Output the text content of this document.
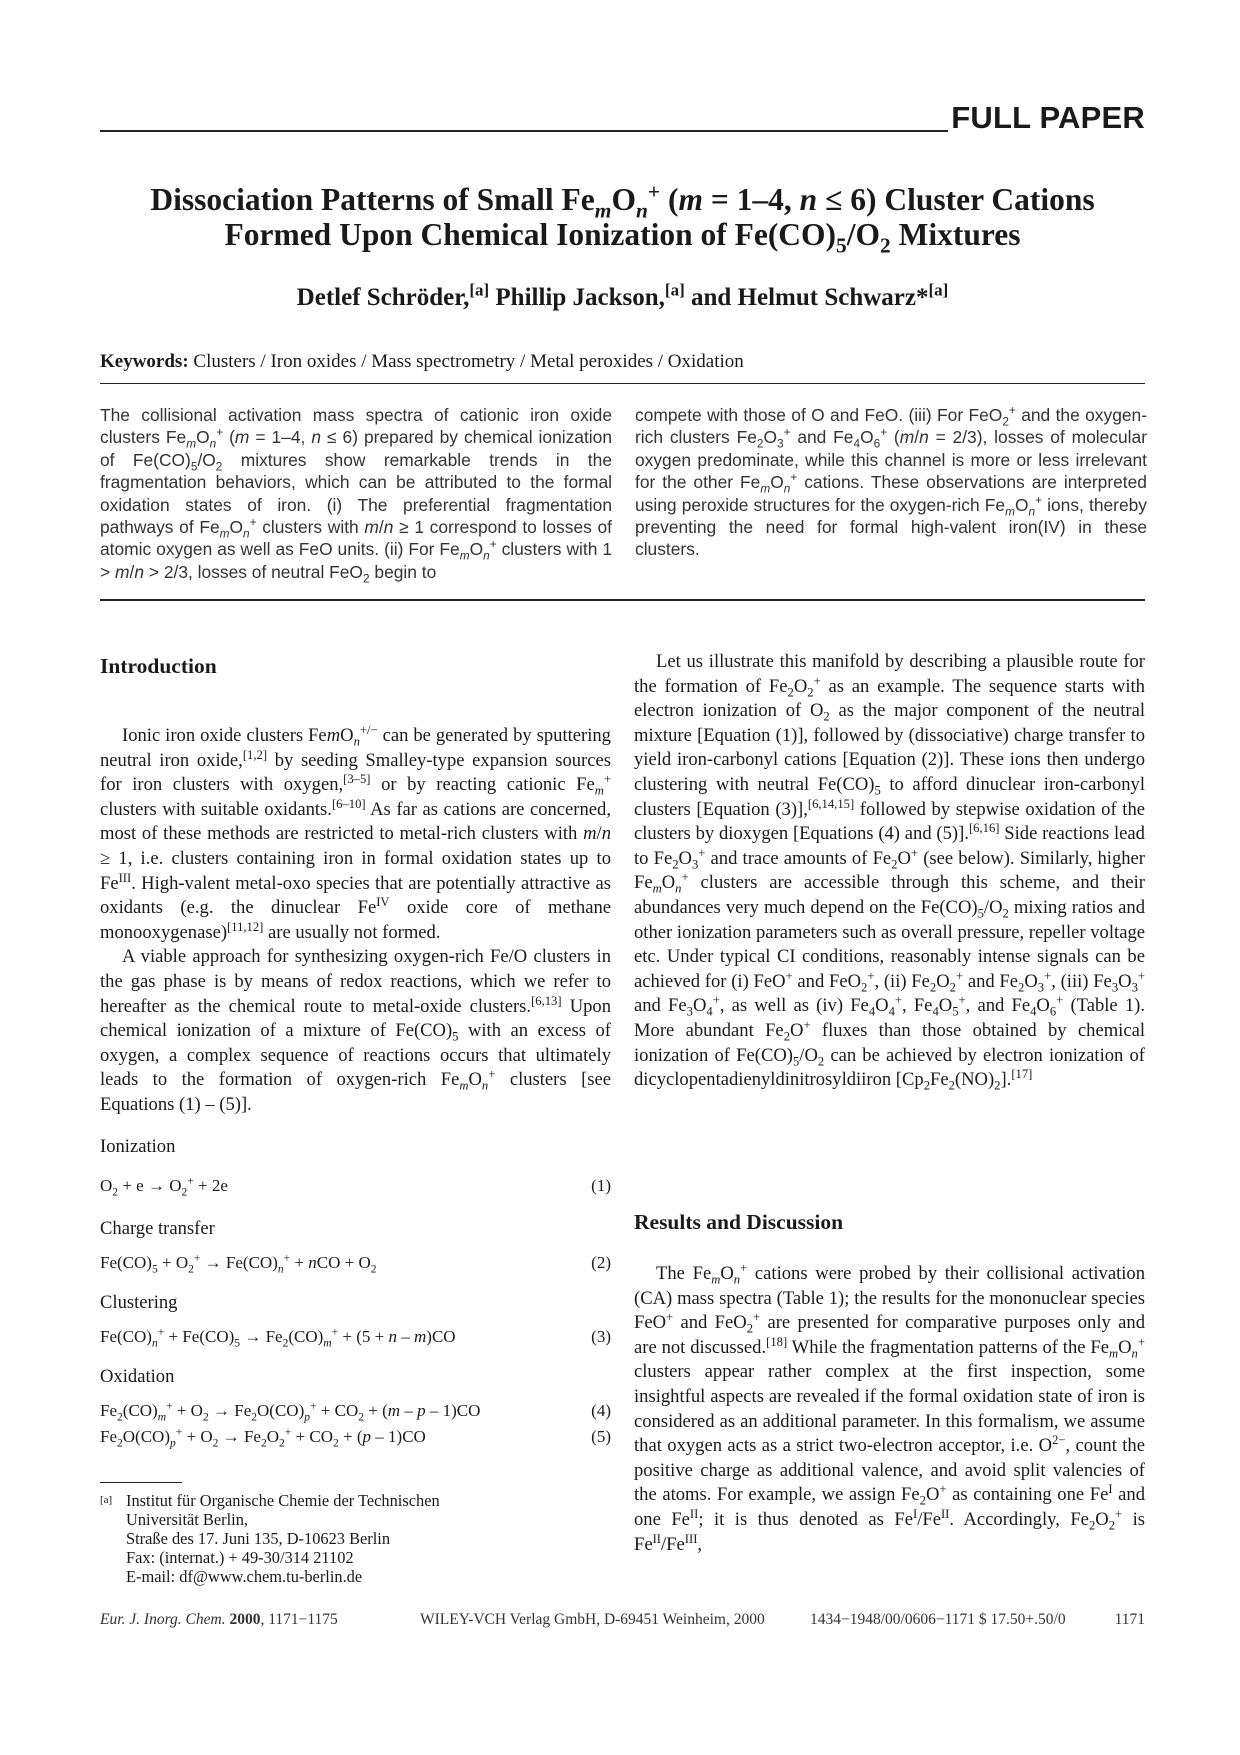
FULL PAPER
Dissociation Patterns of Small $Fe_mO_n^+$ (m = 1–4, n ≤ 6) Cluster Cations
Formed Upon Chemical Ionization of $Fe(CO)_5/O_2$ Mixtures
Detlef Schröder,[a] Phillip Jackson,[a] and Helmut Schwarz*[a]
Keywords: Clusters / Iron oxides / Mass spectrometry / Metal peroxides / Oxidation
The collisional activation mass spectra of cationic iron oxide clusters $Fe_mO_n^+$ (m = 1–4, n ≤ 6) prepared by chemical ionization of $Fe(CO)_5/O_2$ mixtures show remarkable trends in the fragmentation behaviors, which can be attributed to the formal oxidation states of iron. (i) The preferential fragmentation pathways of $Fe_mO_n^+$ clusters with m/n ≥ 1 correspond to losses of atomic oxygen as well as FeO units. (ii) For $Fe_mO_n^+$ clusters with 1 > m/n > 2/3, losses of neutral FeO$_2$ begin to
compete with those of O and FeO. (iii) For FeO$_2$+ and the oxygen-rich clusters $Fe_2O_3^+$ and $Fe_4O_6^+$ (m/n = 2/3), losses of molecular oxygen predominate, while this channel is more or less irrelevant for the other $Fe_mO_n^+$ cations. These observations are interpreted using peroxide structures for the oxygen-rich $Fe_mO_n^+$ ions, thereby preventing the need for formal high-valent iron(IV) in these clusters.
Introduction

Ionic iron oxide clusters FemO$_n$+/− can be generated by sputtering neutral iron oxide,[1,2] by seeding Smalley-type expansion sources for iron clusters with oxygen,[3–5] or by reacting cationic $Fe_m^+$ clusters with suitable oxidants.[6–10] As far as cations are concerned, most of these methods are restricted to metal-rich clusters with m/n ≥ 1, i.e. clusters containing iron in formal oxidation states up to $Fe^{III}$. High-valent metal-oxo species that are potentially attractive as oxidants (e.g. the dinuclear $Fe^{IV}$ oxide core of methane monooxygenase)[11,12] are usually not formed.

A viable approach for synthesizing oxygen-rich Fe/O clusters in the gas phase is by means of redox reactions, which we refer to hereafter as the chemical route to metal-oxide clusters.[6,13] Upon chemical ionization of a mixture of $Fe(CO)_5$ with an excess of oxygen, a complex sequence of reactions occurs that ultimately leads to the formation of oxygen-rich $Fe_mO_n^+$ clusters [see Equations (1) – (5)].

Ionization
$O_2 + e \to O_2^+ + 2e$	(1)
Charge transfer
$Fe(CO)_5 + O_2^+ \to Fe(CO)_n^+$ + nCO + $O_2$	(2)
Clustering
$Fe(CO)_n^+ + Fe(CO)_5 \to Fe_2(CO)_m^+ + (5 + n - m)CO$	(3)
Oxidation
$Fe_2(CO)_m^+ + O_2 \to Fe_2O(CO)_p^+ + CO_2 + (m - p - 1)CO$	(4)
$Fe_2O(CO)_p^+ + O_2 \to Fe_2O_2^+ + CO_2 + (p - 1)CO$	(5)
[a] Institut für Organische Chemie der Technischen
Universität Berlin,
Straße des 17. Juni 135, D-10623 Berlin
Fax: (internat.) + 49-30/314 21102
E-mail: df@www.chem.tu-berlin.de

Let us illustrate this manifold by describing a plausible route for the formation of $Fe_2O_2^+$ as an example. The sequence starts with electron ionization of $O_2$ as the major component of the neutral mixture [Equation (1)], followed by (dissociative) charge transfer to yield iron-carbonyl cations [Equation (2)]. These ions then undergo clustering with neutral $Fe(CO)_5$ to afford dinuclear iron-carbonyl clusters [Equation (3)],[6,14,15] followed by stepwise oxidation of the clusters by dioxygen [Equations (4) and (5)].[6,16] Side reactions lead to $Fe_2O_3^+$ and trace amounts of $Fe_2O^+$ (see below). Similarly, higher $Fe_mO_n^+$ clusters are accessible through this scheme, and their abundances very much depend on the $Fe(CO)_5/O_2$ mixing ratios and other ionization parameters such as overall pressure, repeller voltage etc. Under typical CI conditions, reasonably intense signals can be achieved for (i) FeO+ and FeO$_2$+, (ii) $Fe_2O_2^+$ and $Fe_2O_3^+$, (iii) $Fe_3O_3^+$ and $Fe_3O_4^+$, as well as (iv) $Fe_4O_4^+$, $Fe_4O_5^+$, and $Fe_4O_6^+$ (Table 1). More abundant $Fe_2O^+$ fluxes than those obtained by chemical ionization of $Fe(CO)_5/O_2$ can be achieved by electron ionization of dicyclopentadienyldinitrosyldiiron $[Cp_2Fe_2(NO)_2].[17]$

Results and Discussion

The $Fe_mO_n^+$ cations were probed by their collisional activation (CA) mass spectra (Table 1); the results for the mononuclear species FeO+ and FeO$_2$+ are presented for comparative purposes only and are not discussed.[18] While the fragmentation patterns of the $Fe_mO_n^+$ clusters appear rather complex at the first inspection, some insightful aspects are revealed if the formal oxidation state of iron is considered as an additional parameter. In this formalism, we assume that oxygen acts as a strict two-electron acceptor, i.e. $O^{2-}$, count the positive charge as additional valence, and avoid split valencies of the atoms. For example, we assign $Fe_2O^+$ as containing one $Fe^I$ and one $Fe^{II}$; it is thus denoted as $Fe^I/Fe^{II}$. Accordingly, $Fe_2O_2^+$ is $Fe^{II}/Fe^{III}$,

Eur. J. Inorg. Chem. 2000, 1171−1175	WILEY-VCH Verlag GmbH, D-69451 Weinheim, 2000	1434−1948/00/0606−1171 $ 17.50+.50/0	1171
